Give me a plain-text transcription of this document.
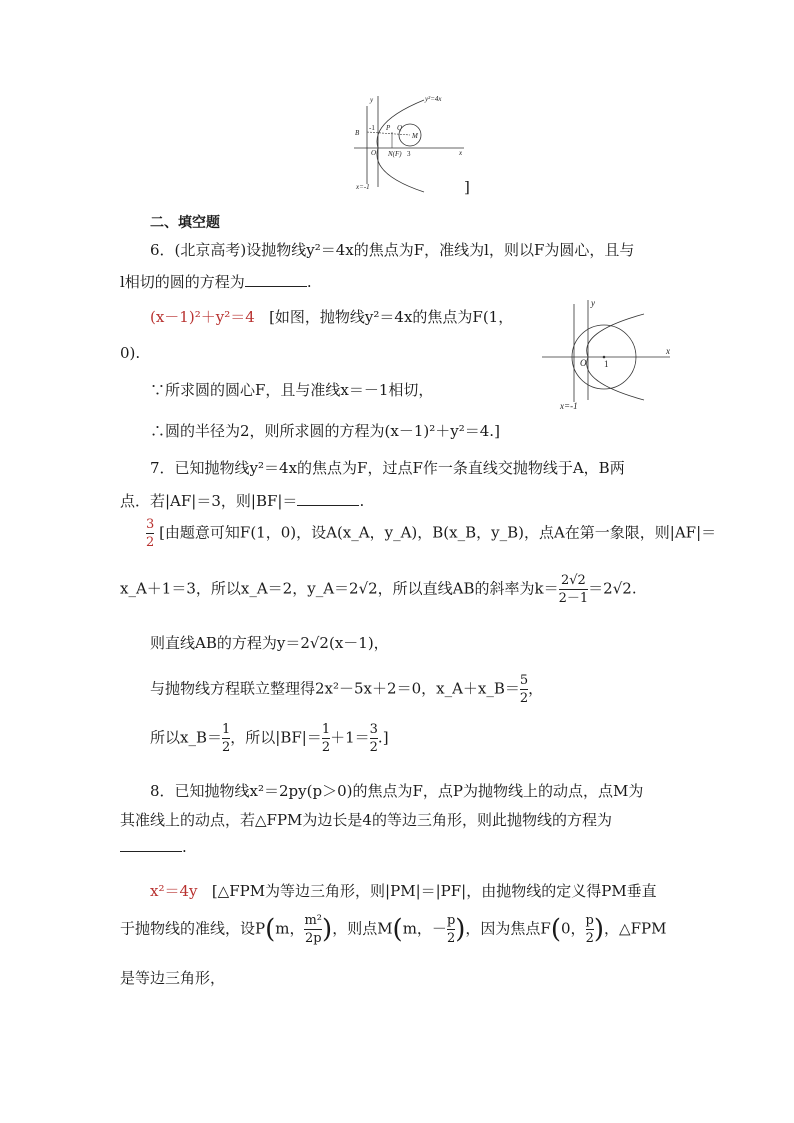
y	y²=4x
B
-1 P Q
M
O N(F) 3	x
x=-1	]
二、填空题
6．(北京高考)设抛物线y²＝4x的焦点为F，准线为l，则以F为圆心，且与
l相切的圆的方程为	.
(x－1)²＋y²＝4 [如图，抛物线y²＝4x的焦点为F(1，
0).
∵所求圆的圆心F，且与准线x＝－1相切，
∴圆的半径为2，则所求圆的方程为(x－1)²＋y²＝4.]
y
x
O 1
x=-1
7．已知抛物线y²＝4x的焦点为F，过点F作一条直线交抛物线于A，B两
点．若|AF|＝3，则|BF|＝	.
$\frac{3}{2}$ [由题意可知F(1，0)，设A(x_A，y_A)，B(x_B，y_B)，点A在第一象限，则|AF|＝
x_A＋1＝3，所以x_A＝2，y_A＝2√2，所以直线AB的斜率为$k= \frac{2√2}{2-1} =2√2$.
则直线AB的方程为y＝2√2(x－1)，
与抛物线方程联立整理得2x²－5x＋2＝0，x_A＋x_B＝ $\frac{5}{2}$ ，
所以x_B＝ $\frac{1}{2}$ ，所以$|BF|= \frac{1}{2} +1= \frac{3}{2}$ .]
8．已知抛物线x²＝2py(p＞0)的焦点为F，点P为抛物线上的动点，点M为
其准线上的动点，若△FPM为边长是4的等边三角形，则此抛物线的方程为
.
x²＝4y [△FPM为等边三角形，则|PM|＝|PF|，由抛物线的定义得PM垂直
于抛物线的准线，设P(m， $\frac{\text{m²}}{2p}$ )，则点M(m，－ $\frac{p}{2}$ )，因为焦点F(0， $\frac{p}{2}$ )，△FPM
是等边三角形，
